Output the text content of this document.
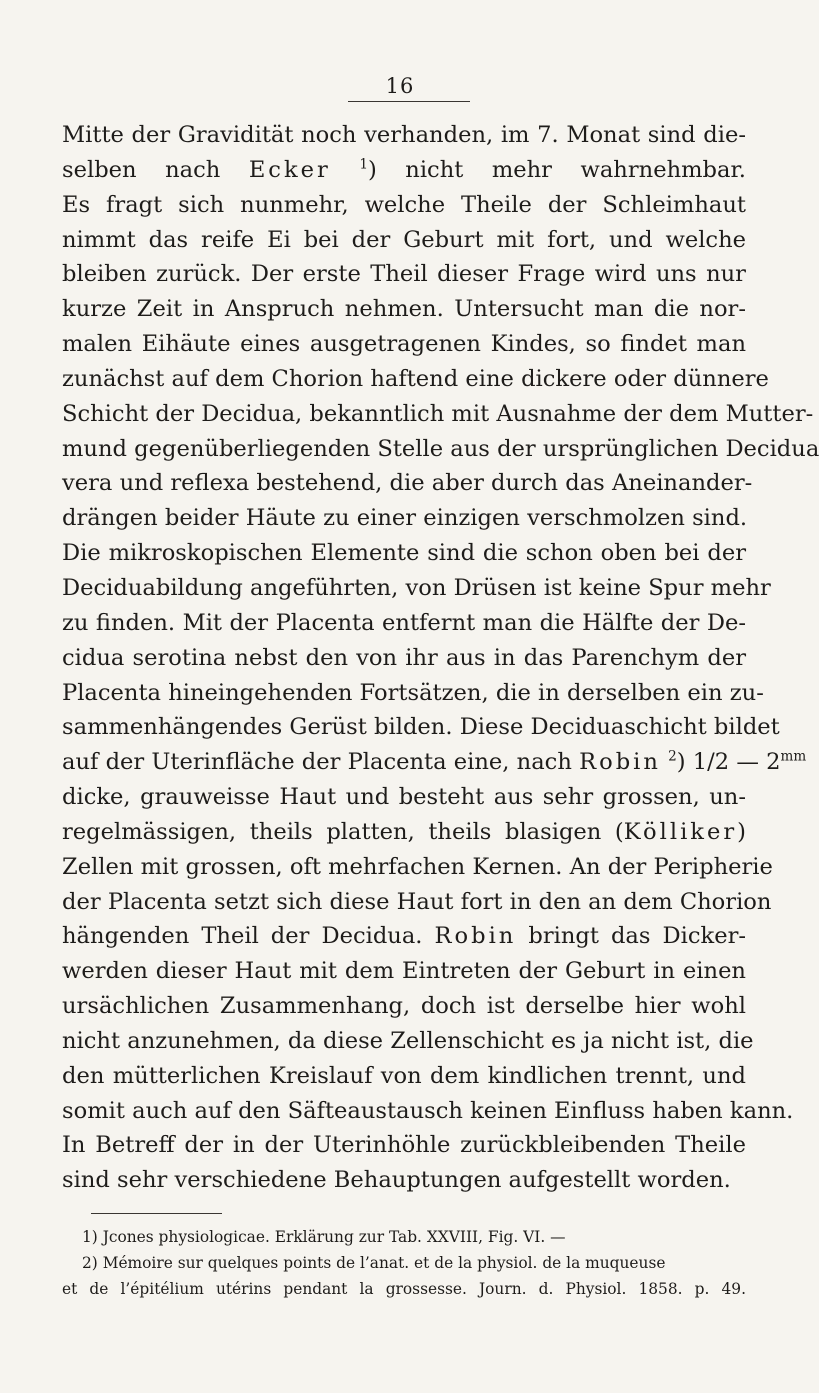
16
Mitte der Gravidität noch verhanden, im 7. Monat sind die-
selben nach Ecker $^1$) nicht mehr wahrnehmbar.
Es fragt sich nunmehr, welche Theile der Schleimhaut
nimmt das reife Ei bei der Geburt mit fort, und welche
bleiben zurück. Der erste Theil dieser Frage wird uns nur
kurze Zeit in Anspruch nehmen. Untersucht man die nor-
malen Eihäute eines ausgetragenen Kindes, so findet man
zunächst auf dem Chorion haftend eine dickere oder dünnere
Schicht der Decidua, bekanntlich mit Ausnahme der dem Mutter-
mund gegenüberliegenden Stelle aus der ursprünglichen Decidua
vera und reflexa bestehend, die aber durch das Aneinander-
drängen beider Häute zu einer einzigen verschmolzen sind.
Die mikroskopischen Elemente sind die schon oben bei der
Deciduabildung angeführten, von Drüsen ist keine Spur mehr
zu finden. Mit der Placenta entfernt man die Hälfte der De-
cidua serotina nebst den von ihr aus in das Parenchym der
Placenta hineingehenden Fortsätzen, die in derselben ein zu-
sammenhängendes Gerüst bilden. Diese Deciduaschicht bildet
auf der Uterinfläche der Placenta eine, nach Robin $^2$) 1/2 — $2^{mm}$
dicke, grauweisse Haut und besteht aus sehr grossen, un-
regelmässigen, theils platten, theils blasigen (Kölliker)
Zellen mit grossen, oft mehrfachen Kernen. An der Peripherie
der Placenta setzt sich diese Haut fort in den an dem Chorion
hängenden Theil der Decidua. Robin bringt das Dicker-
werden dieser Haut mit dem Eintreten der Geburt in einen
ursächlichen Zusammenhang, doch ist derselbe hier wohl
nicht anzunehmen, da diese Zellenschicht es ja nicht ist, die
den mütterlichen Kreislauf von dem kindlichen trennt, und
somit auch auf den Säfteaustausch keinen Einfluss haben kann.
In Betreff der in der Uterinhöhle zurückbleibenden Theile
sind sehr verschiedene Behauptungen aufgestellt worden.
1) Jcones physiologicae. Erklärung zur Tab. XXVIII, Fig. VI. —
2) Mémoire sur quelques points de l’anat. et de la physiol. de la muqueuse
et de l’épitélium utérins pendant la grossesse. Journ. d. Physiol. 1858. p. 49.
